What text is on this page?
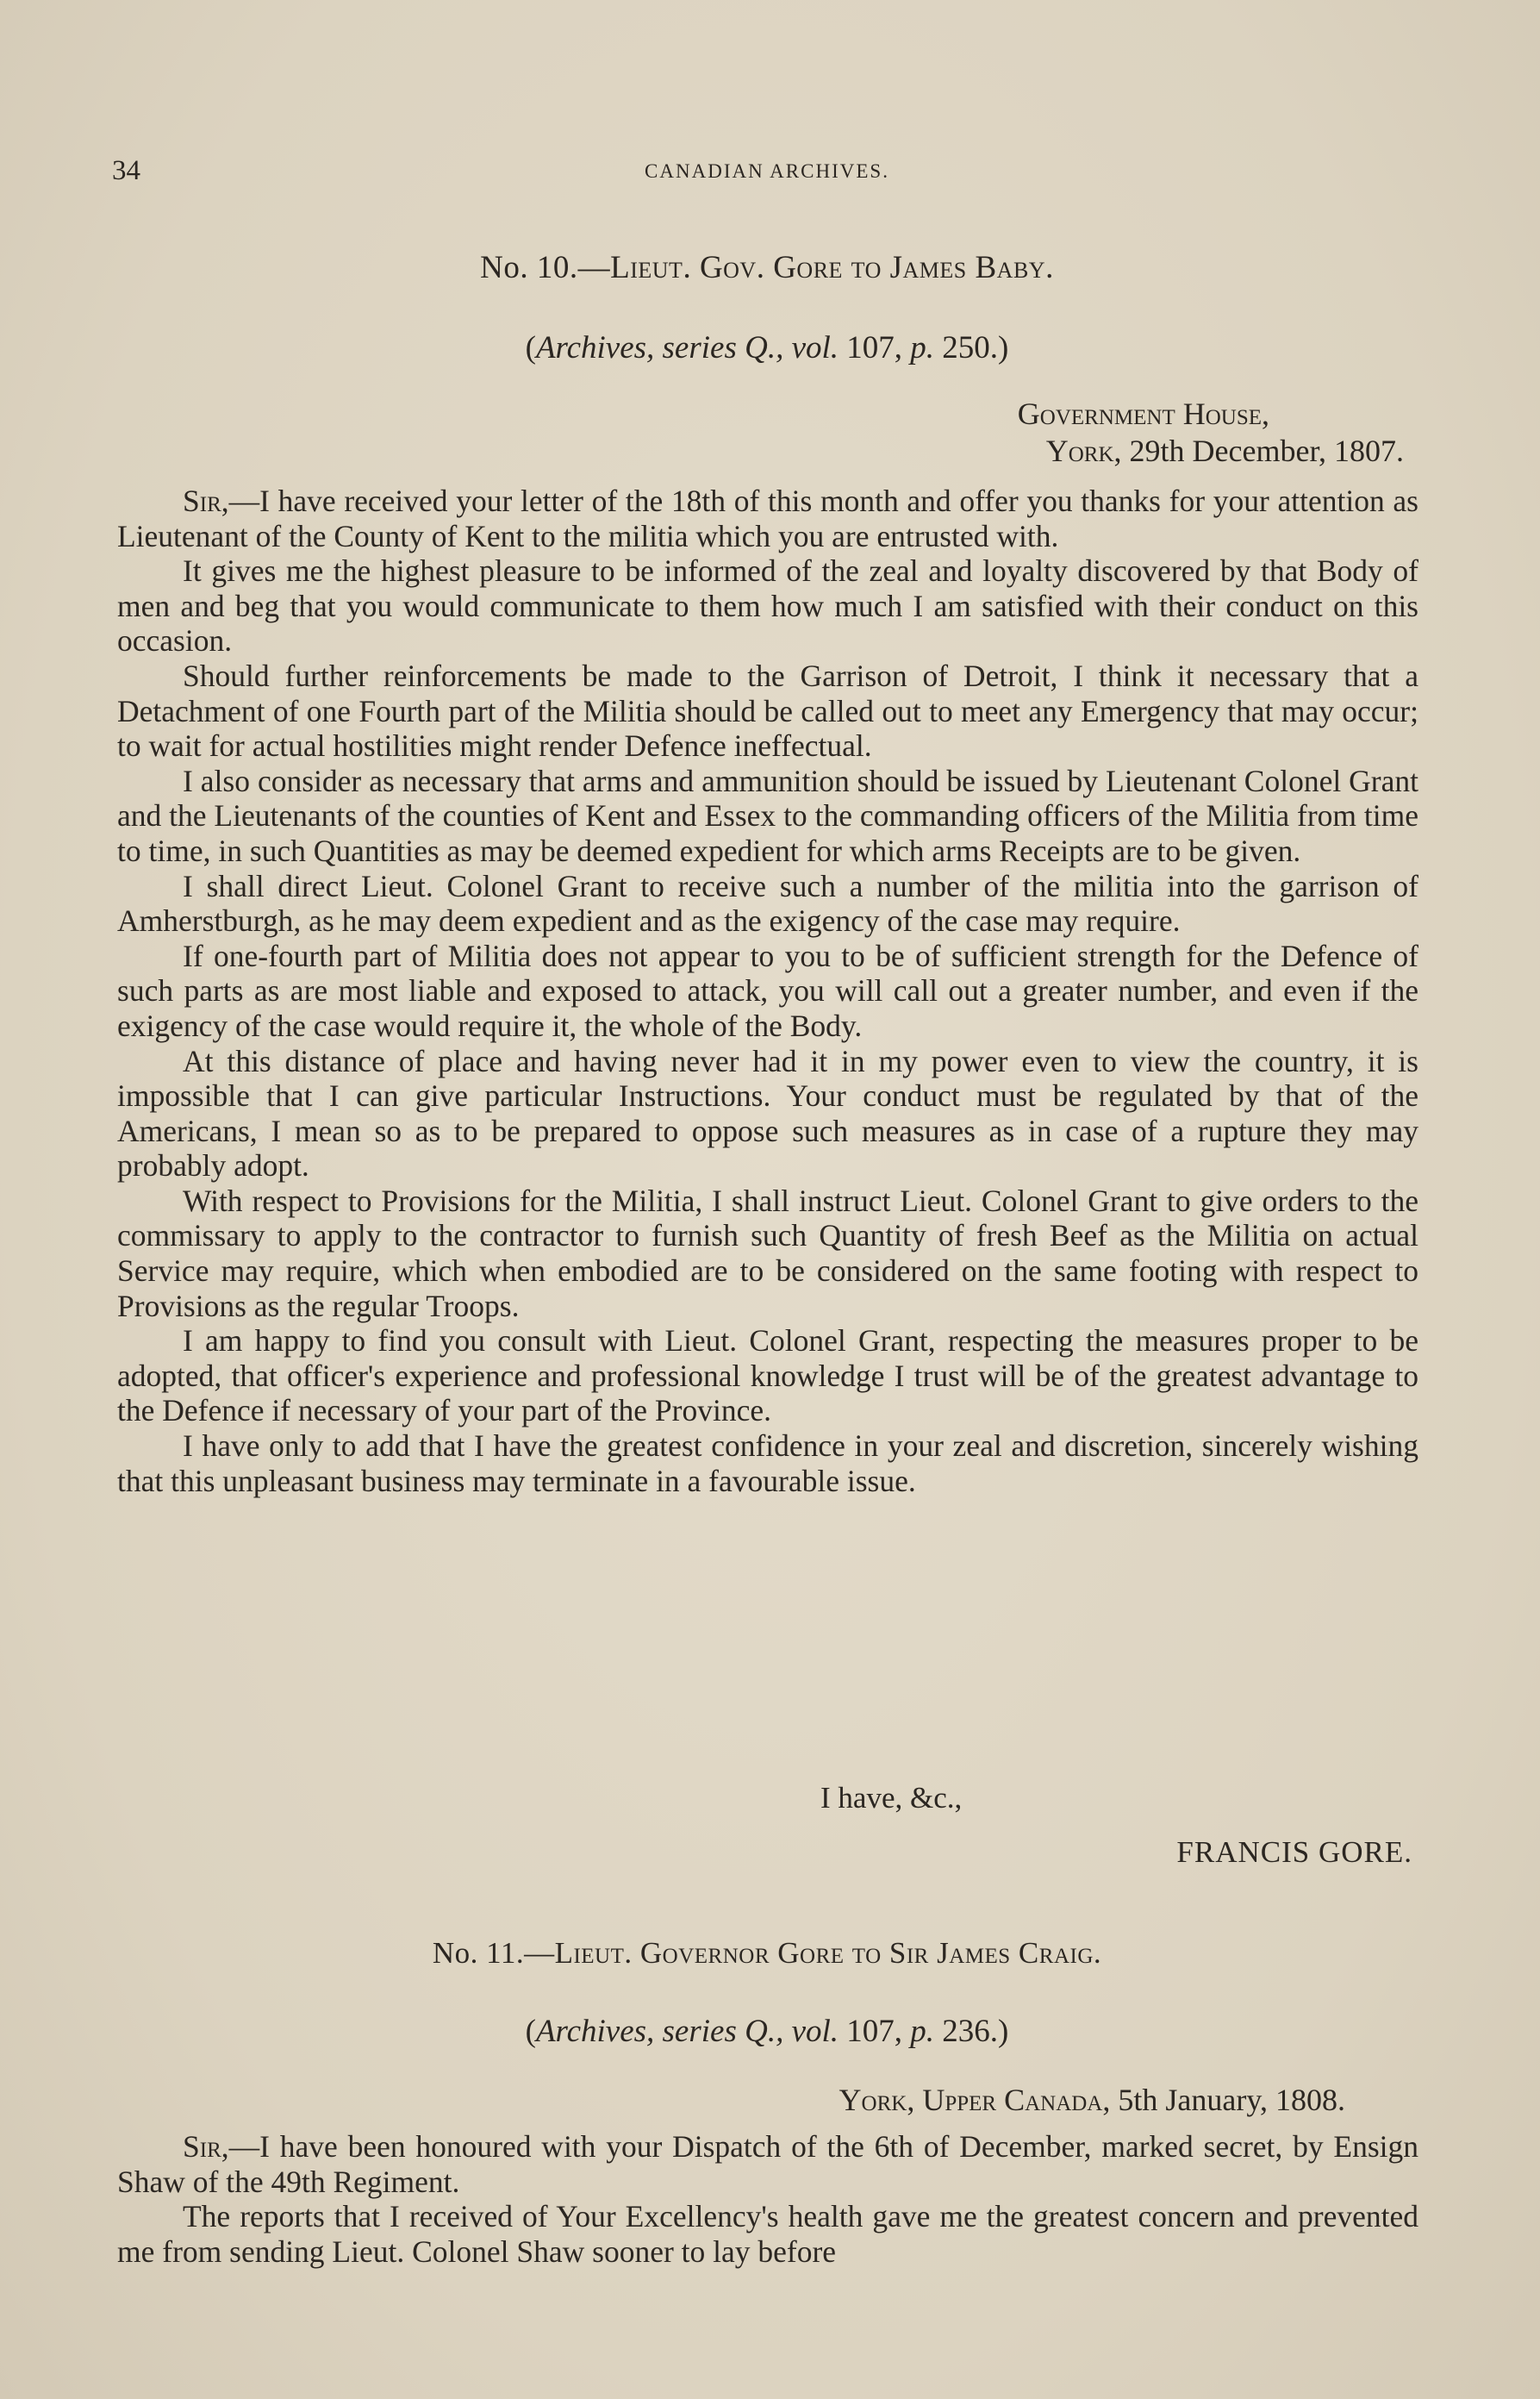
34	CANADIAN ARCHIVES.
No. 10.—Lieut. Gov. Gore to James Baby.
(Archives, series Q., vol. 107, p. 250.)
Government House,
York, 29th December, 1807.

Sir,—I have received your letter of the 18th of this month and offer you thanks for your attention as Lieutenant of the County of Kent to the militia which you are entrusted with.

It gives me the highest pleasure to be informed of the zeal and loyalty discovered by that Body of men and beg that you would communicate to them how much I am satisfied with their conduct on this occasion.

Should further reinforcements be made to the Garrison of Detroit, I think it necessary that a Detachment of one Fourth part of the Militia should be called out to meet any Emergency that may occur; to wait for actual hostilities might render Defence ineffectual.

I also consider as necessary that arms and ammunition should be issued by Lieutenant Colonel Grant and the Lieutenants of the counties of Kent and Essex to the commanding officers of the Militia from time to time, in such Quantities as may be deemed expedient for which arms Receipts are to be given.

I shall direct Lieut. Colonel Grant to receive such a number of the militia into the garrison of Amherstburgh, as he may deem expedient and as the exigency of the case may require.

If one-fourth part of Militia does not appear to you to be of sufficient strength for the Defence of such parts as are most liable and exposed to attack, you will call out a greater number, and even if the exigency of the case would require it, the whole of the Body.

At this distance of place and having never had it in my power even to view the country, it is impossible that I can give particular Instructions. Your conduct must be regulated by that of the Americans, I mean so as to be prepared to oppose such measures as in case of a rupture they may probably adopt.

With respect to Provisions for the Militia, I shall instruct Lieut. Colonel Grant to give orders to the commissary to apply to the contractor to furnish such Quantity of fresh Beef as the Militia on actual Service may require, which when embodied are to be considered on the same footing with respect to Provisions as the regular Troops.

I am happy to find you consult with Lieut. Colonel Grant, respecting the measures proper to be adopted, that officer's experience and professional knowledge I trust will be of the greatest advantage to the Defence if necessary of your part of the Province.

I have only to add that I have the greatest confidence in your zeal and discretion, sincerely wishing that this unpleasant business may terminate in a favourable issue.

I have, &c.,
FRANCIS GORE.
No. 11.—Lieut. Governor Gore to Sir James Craig.
(Archives, series Q., vol. 107, p. 236.)
York, Upper Canada, 5th January, 1808.

Sir,—I have been honoured with your Dispatch of the 6th of December, marked secret, by Ensign Shaw of the 49th Regiment.

The reports that I received of Your Excellency's health gave me the greatest concern and prevented me from sending Lieut. Colonel Shaw sooner to lay before
